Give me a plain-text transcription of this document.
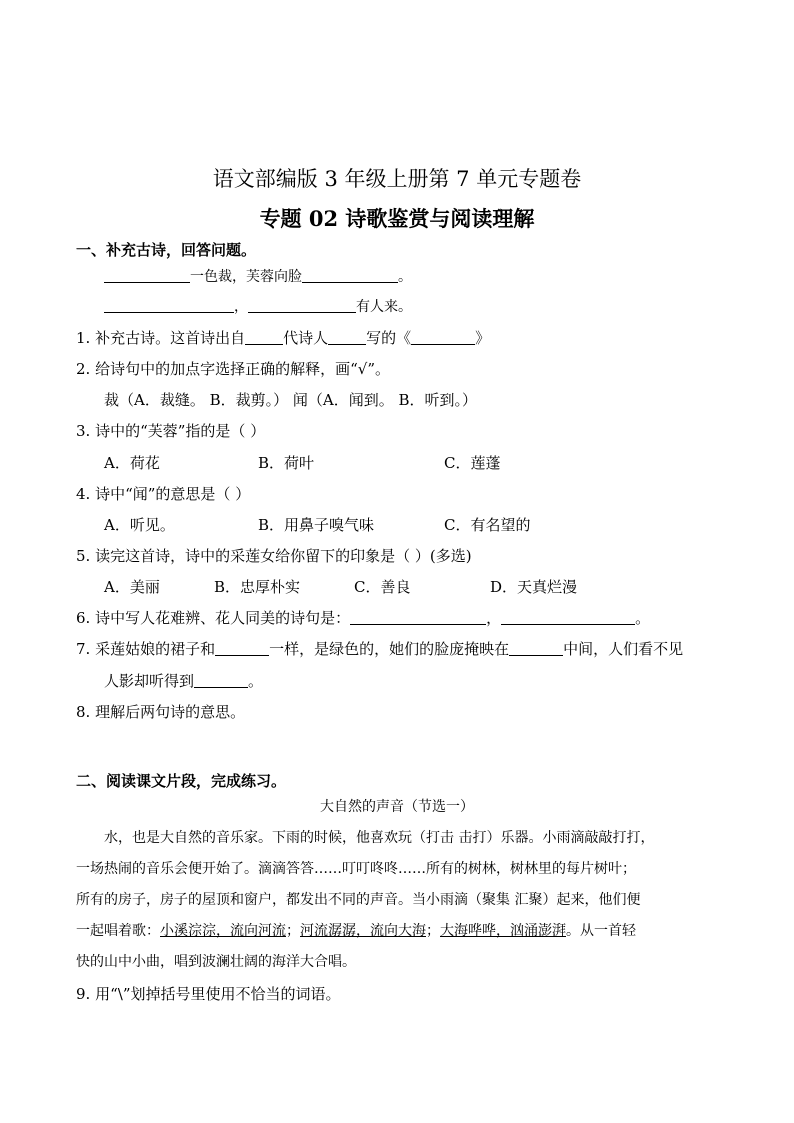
语文部编版 3 年级上册第 7 单元专题卷
专题 02 诗歌鉴赏与阅读理解
一、补充古诗，回答问题。
一色裁，芙蓉向脸	。
，	有人来。
1. 补充古诗。这首诗出自	代诗人	写的《	》
2. 给诗句中的加点字选择正确的解释，画“√”。
裁（A．裁缝。 B．裁剪。） 闻（A．闻到。 B．听到。）
3. 诗中的“芙蓉”指的是（ ）
A．荷花	B．荷叶	C．莲蓬
4. 诗中“闻”的意思是（ ）
A．听见。	B．用鼻子嗅气味	C．有名望的
5. 读完这首诗，诗中的采莲女给你留下的印象是（ ）(多选)
A．美丽	B．忠厚朴实	C．善良	D．天真烂漫
6. 诗中写人花难辨、花人同美的诗句是：	，	。
7. 采莲姑娘的裙子和	一样，是绿色的，她们的脸庞掩映在	中间，人们看不见
人影却听得到	。
8. 理解后两句诗的意思。
二、阅读课文片段，完成练习。
大自然的声音（节选一）
水，也是大自然的音乐家。下雨的时候，他喜欢玩（打击 击打）乐器。小雨滴敲敲打打，
一场热闹的音乐会便开始了。滴滴答答……叮叮咚咚……所有的树林，树林里的每片树叶；
所有的房子，房子的屋顶和窗户，都发出不同的声音。当小雨滴（聚集 汇聚）起来，他们便
一起唱着歌：小溪淙淙，流向河流；河流潺潺，流向大海；大海哗哗，汹涌澎湃。从一首轻
快的山中小曲，唱到波澜壮阔的海洋大合唱。
9. 用“\”划掉括号里使用不恰当的词语。
